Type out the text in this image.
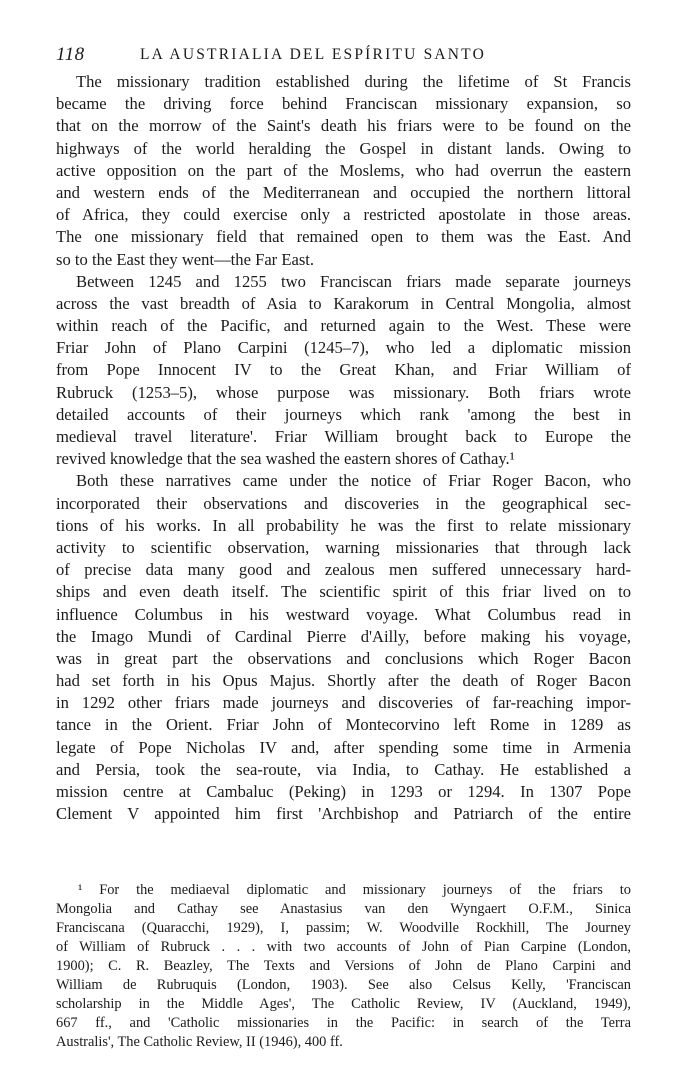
118	LA AUSTRIALIA DEL ESPÍRITU SANTO
The missionary tradition established during the lifetime of St Francis
became the driving force behind Franciscan missionary expansion, so
that on the morrow of the Saint's death his friars were to be found on the
highways of the world heralding the Gospel in distant lands. Owing to
active opposition on the part of the Moslems, who had overrun the eastern
and western ends of the Mediterranean and occupied the northern littoral
of Africa, they could exercise only a restricted apostolate in those areas.
The one missionary field that remained open to them was the East. And
so to the East they went—the Far East.
Between 1245 and 1255 two Franciscan friars made separate journeys
across the vast breadth of Asia to Karakorum in Central Mongolia, almost
within reach of the Pacific, and returned again to the West. These were
Friar John of Plano Carpini (1245–7), who led a diplomatic mission
from Pope Innocent IV to the Great Khan, and Friar William of
Rubruck (1253–5), whose purpose was missionary. Both friars wrote
detailed accounts of their journeys which rank 'among the best in
medieval travel literature'. Friar William brought back to Europe the
revived knowledge that the sea washed the eastern shores of Cathay.¹
Both these narratives came under the notice of Friar Roger Bacon, who
incorporated their observations and discoveries in the geographical sec-
tions of his works. In all probability he was the first to relate missionary
activity to scientific observation, warning missionaries that through lack
of precise data many good and zealous men suffered unnecessary hard-
ships and even death itself. The scientific spirit of this friar lived on to
influence Columbus in his westward voyage. What Columbus read in
the Imago Mundi of Cardinal Pierre d'Ailly, before making his voyage,
was in great part the observations and conclusions which Roger Bacon
had set forth in his Opus Majus. Shortly after the death of Roger Bacon
in 1292 other friars made journeys and discoveries of far-reaching impor-
tance in the Orient. Friar John of Montecorvino left Rome in 1289 as
legate of Pope Nicholas IV and, after spending some time in Armenia
and Persia, took the sea-route, via India, to Cathay. He established a
mission centre at Cambaluc (Peking) in 1293 or 1294. In 1307 Pope
Clement V appointed him first 'Archbishop and Patriarch of the entire
¹ For the mediaeval diplomatic and missionary journeys of the friars to
Mongolia and Cathay see Anastasius van den Wyngaert O.F.M., Sinica
Franciscana (Quaracchi, 1929), I, passim; W. Woodville Rockhill, The Journey
of William of Rubruck . . . with two accounts of John of Pian Carpine (London,
1900); C. R. Beazley, The Texts and Versions of John de Plano Carpini and
William de Rubruquis (London, 1903). See also Celsus Kelly, 'Franciscan
scholarship in the Middle Ages', The Catholic Review, IV (Auckland, 1949),
667 ff., and 'Catholic missionaries in the Pacific: in search of the Terra
Australis', The Catholic Review, II (1946), 400 ff.
